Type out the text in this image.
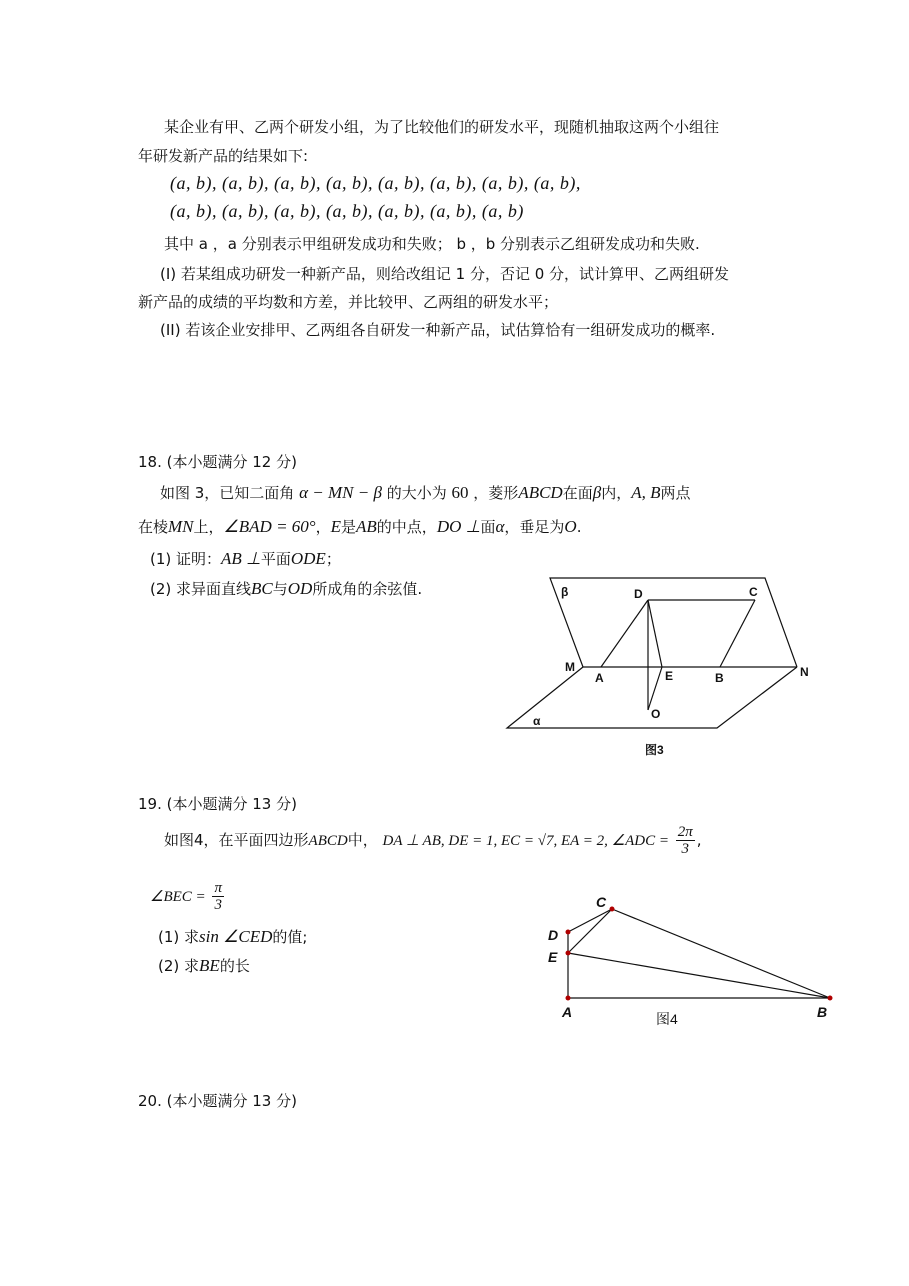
某企业有甲、乙两个研发小组，为了比较他们的研发水平，现随机抽取这两个小组往
年研发新产品的结果如下:
(a, b), (a, b), (a, b), (a, b), (a, b), (a, b), (a, b), (a, b),
(a, b), (a, b), (a, b), (a, b), (a, b), (a, b), (a, b)
其中 a ，a 分别表示甲组研发成功和失败； b ，b 分别表示乙组研发成功和失败.
(I) 若某组成功研发一种新产品，则给改组记 1 分，否记 0 分，试计算甲、乙两组研发
新产品的成绩的平均数和方差，并比较甲、乙两组的研发水平；
(II) 若该企业安排甲、乙两组各自研发一种新产品，试估算恰有一组研发成功的概率.
18. (本小题满分 12 分)
如图 3，已知二面角 α − MN − β 的大小为 60 ，菱形ABCD在面β内，A, B两点
在棱MN上，∠BAD = 60°，E是AB的中点，DO ⊥面α，垂足为O.
(1) 证明：AB ⊥平面ODE；
(2) 求异面直线BC与OD所成角的余弦值.	β
α
D	C
M	N
A	E	B
O
图3
19. (本小题满分 13 分)
如图4，在平面四边形ABCD中， DA ⊥ AB, DE = 1, EC = √7, EA = 2, ∠ADC = $\frac{2\pi}{3}$ ,
∠BEC = $\frac{\pi}{3}$
(1) 求sin ∠CED的值;
(2) 求BE的长
C
D
E
A	B
图4
20. (本小题满分 13 分)
